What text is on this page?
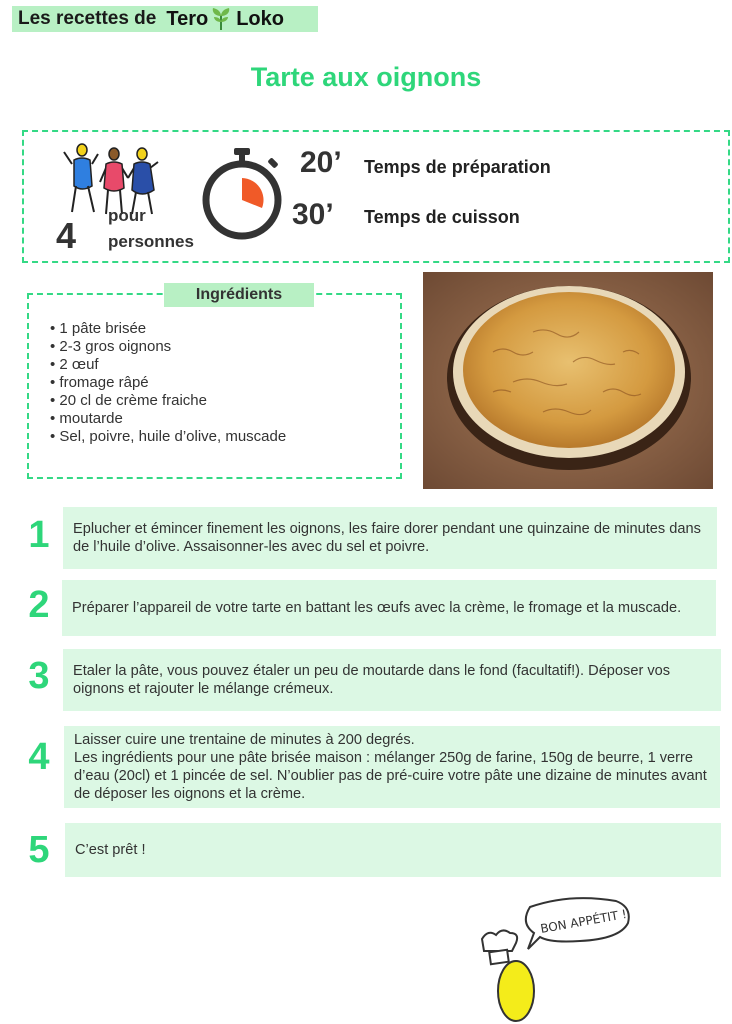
Les recettes de Tero Loko
Tarte aux oignons
4 pour
personnes
20’ Temps de préparation
30’ Temps de cuisson
Ingrédients
• 1 pâte brisée
• 2-3 gros oignons
• 2 œuf
• fromage râpé
• 20 cl de crème fraiche
• moutarde
• Sel, poivre, huile d’olive, muscade
1	Eplucher et émincer finement les oignons, les faire dorer pendant une quinzaine de minutes dans de l’huile d’olive. Assaisonner-les avec du sel et poivre.
2	Préparer l’appareil de votre tarte en battant les œufs avec la crème, le fromage et la muscade.
3	Etaler la pâte, vous pouvez étaler un peu de moutarde dans le fond (facultatif!). Déposer vos oignons et rajouter le mélange crémeux.
4	Laisser cuire une trentaine de minutes à 200 degrés.
Les ingrédients pour une pâte brisée maison : mélanger 250g de farine, 150g de beurre, 1 verre d’eau (20cl) et 1 pincée de sel. N’oublier pas de pré-cuire votre pâte une dizaine de minutes avant de déposer les oignons et la crème.
5	C’est prêt !
BON APPÉTIT !
